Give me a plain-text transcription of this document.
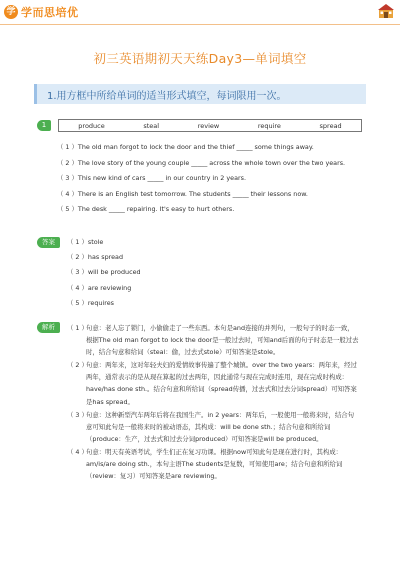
学 学而思培优
初三英语期初天天练Day3—单词填空
1.用方框中所给单词的适当形式填空，每词限用一次。
1	produce	steal	review	require	spread
（ 1 ）The old man forgot to lock the door and the thief _____ some things away.
（ 2 ）The love story of the young couple _____ across the whole town over the two years.
（ 3 ）This new kind of cars _____ in our country in 2 years.
（ 4 ）There is an English test tomorrow. The students _____ their lessons now.
（ 5 ）The desk _____ repairing. It's easy to hurt others.
答案	（ 1 ）stole
（ 2 ）has spread
（ 3 ）will be produced
（ 4 ）are reviewing
（ 5 ）requires
解析	（ 1 ）
句意：老人忘了锁门，小偷偷走了一些东西。本句是and连接的并列句，一般句子的时态一致，根据The old man forgot to lock the door是一般过去时，可知and后面的句子时态是一般过去时，结合句意和给词（steal：偷，过去式stole）可知答案是stole。
（ 2 ）
句意：两年来，这对年轻夫妇的爱情故事传遍了整个城镇。over the two years：两年来，经过两年，通常表示的是从现在算起的过去两年，因此通常与现在完成时连用，现在完成时构成：have/has done sth.。结合句意和所给词（spread传播，过去式和过去分词spread）可知答案是has spread。
（ 3 ）
句意：这种新型汽车两年后将在我国生产。in 2 years：两年后，一般使用一般将来时，结合句意可知此句是一般将来时的被动语态，其构成：will be done sth.；结合句意和所给词（produce：生产，过去式和过去分词produced）可知答案是will be produced。
（ 4 ）
句意：明天有英语考试，学生们正在复习功课。根据now可知此句是现在进行时，其构成：am/is/are doing sth.，本句主语The students是复数，可知使用are；结合句意和所给词（review：复习）可知答案是are reviewing。
